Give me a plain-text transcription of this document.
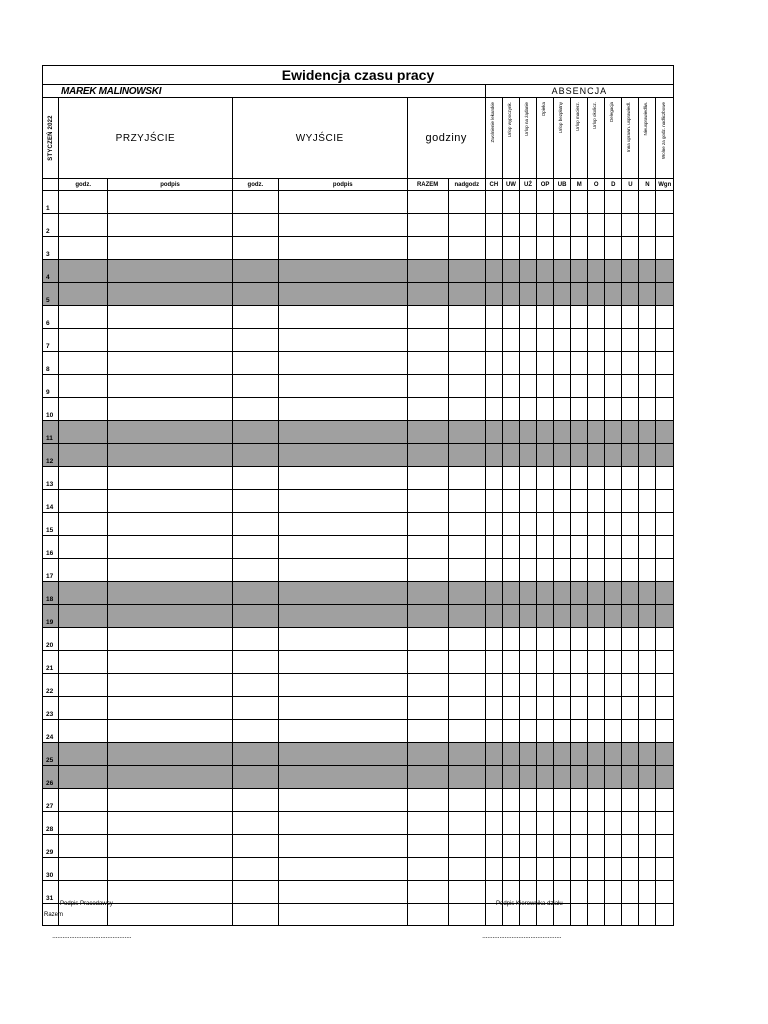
Ewidencja czasu pracy																	
MAREK MALINOWSKI							ABSENCJA										

STYCZEŃ 2022	PRZYJŚCIE		WYJŚCIE		godziny		Zwolnienie lekarskie	Urlop wypoczynk.	Urlop na żądanie	Opieka	Urlop bezpłatny	Urlop macierz.	Urlop okolicz.	Delegacja	Inna uprawn. usprawiedl.	Nieusprawiedliw.	Wolne za godz. nadliczbowe

	godz.	podpis	godz.	podpis	RAZEM	nadgodz	CH	UW	UŻ	OP	UB	M	O	D	U	N	Wgn
1																	
2																	
3																	
4																	
5																	
6																	
7																	
8																	
9																	
10																	
11																	
12																	
13																	
14																	
15																	
16																	
17																	
18																	
19																	
20																	
21																	
22																	
23																	
24																	
25																	
26																	
27																	
28																	
29																	
30																	
31																	
Razem																	
Podpis Pracodawcy	Podpis Kierownika działu
..............................................	..............................................
